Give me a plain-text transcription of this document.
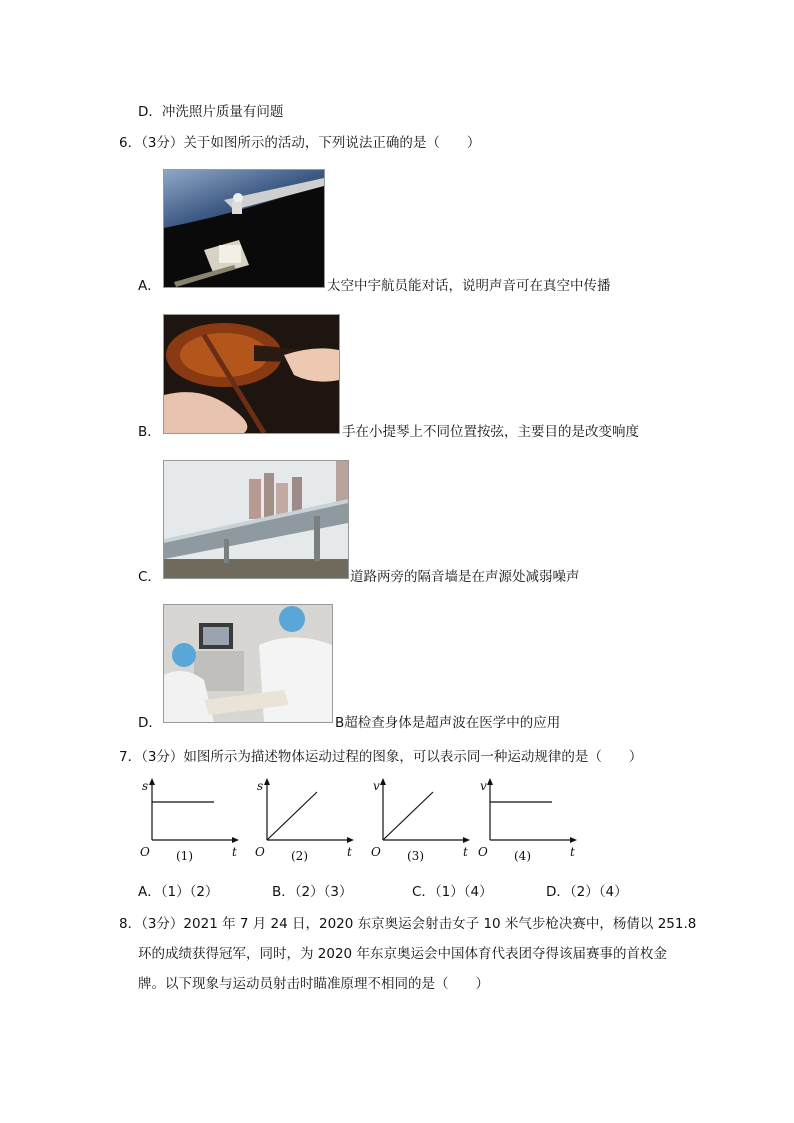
D．冲洗照片质量有问题
6．（3分）关于如图所示的活动，下列说法正确的是（　　）
A．	太空中宇航员能对话，说明声音可在真空中传播
B．	手在小提琴上不同位置按弦，主要目的是改变响度
C．	道路两旁的隔音墙是在声源处减弱噪声
D．	B超检查身体是超声波在医学中的应用
7．（3分）如图所示为描述物体运动过程的图象，可以表示同一种运动规律的是（　　）
s
t
O (1)
s
t
O (2)
v
t
O (3)
v
t
O (4)
A．（1）（2）	B．（2）（3）	C．（1）（4）	D．（2）（4）
8．（3分）2021 年 7 月 24 日，2020 东京奥运会射击女子 10 米气步枪决赛中，杨倩以 251.8
环的成绩获得冠军，同时，为 2020 年东京奥运会中国体育代表团夺得该届赛事的首枚金
牌。以下现象与运动员射击时瞄准原理不相同的是（　　）
